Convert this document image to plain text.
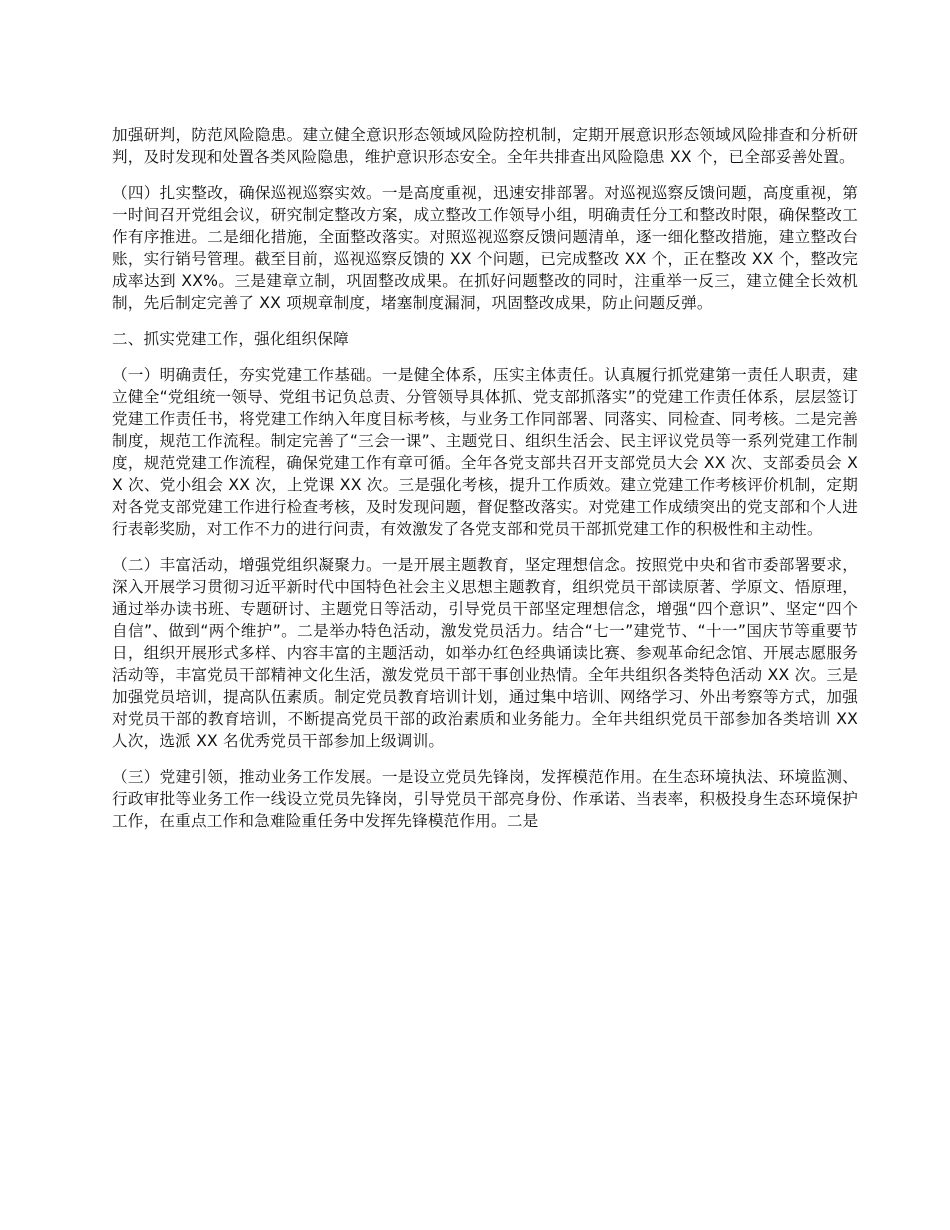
加强研判，防范风险隐患。建立健全意识形态领域风险防控机制，定期开展意识形态领域风险排查和分析研判，及时发现和处置各类风险隐患，维护意识形态安全。全年共排查出风险隐患 XX 个，已全部妥善处置。

（四）扎实整改，确保巡视巡察实效。一是高度重视，迅速安排部署。对巡视巡察反馈问题，高度重视，第一时间召开党组会议，研究制定整改方案，成立整改工作领导小组，明确责任分工和整改时限，确保整改工作有序推进。二是细化措施，全面整改落实。对照巡视巡察反馈问题清单，逐一细化整改措施，建立整改台账，实行销号管理。截至目前，巡视巡察反馈的 XX 个问题，已完成整改 XX 个，正在整改 XX 个，整改完成率达到 XX%。三是建章立制，巩固整改成果。在抓好问题整改的同时，注重举一反三，建立健全长效机制，先后制定完善了 XX 项规章制度，堵塞制度漏洞，巩固整改成果，防止问题反弹。

二、抓实党建工作，强化组织保障

（一）明确责任，夯实党建工作基础。一是健全体系，压实主体责任。认真履行抓党建第一责任人职责，建立健全“党组统一领导、党组书记负总责、分管领导具体抓、党支部抓落实”的党建工作责任体系，层层签订党建工作责任书，将党建工作纳入年度目标考核，与业务工作同部署、同落实、同检查、同考核。二是完善制度，规范工作流程。制定完善了“三会一课”、主题党日、组织生活会、民主评议党员等一系列党建工作制度，规范党建工作流程，确保党建工作有章可循。全年各党支部共召开支部党员大会 XX 次、支部委员会 XX 次、党小组会 XX 次，上党课 XX 次。三是强化考核，提升工作质效。建立党建工作考核评价机制，定期对各党支部党建工作进行检查考核，及时发现问题，督促整改落实。对党建工作成绩突出的党支部和个人进行表彰奖励，对工作不力的进行问责，有效激发了各党支部和党员干部抓党建工作的积极性和主动性。

（二）丰富活动，增强党组织凝聚力。一是开展主题教育，坚定理想信念。按照党中央和省市委部署要求，深入开展学习贯彻习近平新时代中国特色社会主义思想主题教育，组织党员干部读原著、学原文、悟原理，通过举办读书班、专题研讨、主题党日等活动，引导党员干部坚定理想信念，增强“四个意识”、坚定“四个自信”、做到“两个维护”。二是举办特色活动，激发党员活力。结合“七一”建党节、“十一”国庆节等重要节日，组织开展形式多样、内容丰富的主题活动，如举办红色经典诵读比赛、参观革命纪念馆、开展志愿服务活动等，丰富党员干部精神文化生活，激发党员干部干事创业热情。全年共组织各类特色活动 XX 次。三是加强党员培训，提高队伍素质。制定党员教育培训计划，通过集中培训、网络学习、外出考察等方式，加强对党员干部的教育培训，不断提高党员干部的政治素质和业务能力。全年共组织党员干部参加各类培训 XX 人次，选派 XX 名优秀党员干部参加上级调训。

（三）党建引领，推动业务工作发展。一是设立党员先锋岗，发挥模范作用。在生态环境执法、环境监测、行政审批等业务工作一线设立党员先锋岗，引导党员干部亮身份、作承诺、当表率，积极投身生态环境保护工作，在重点工作和急难险重任务中发挥先锋模范作用。二是
